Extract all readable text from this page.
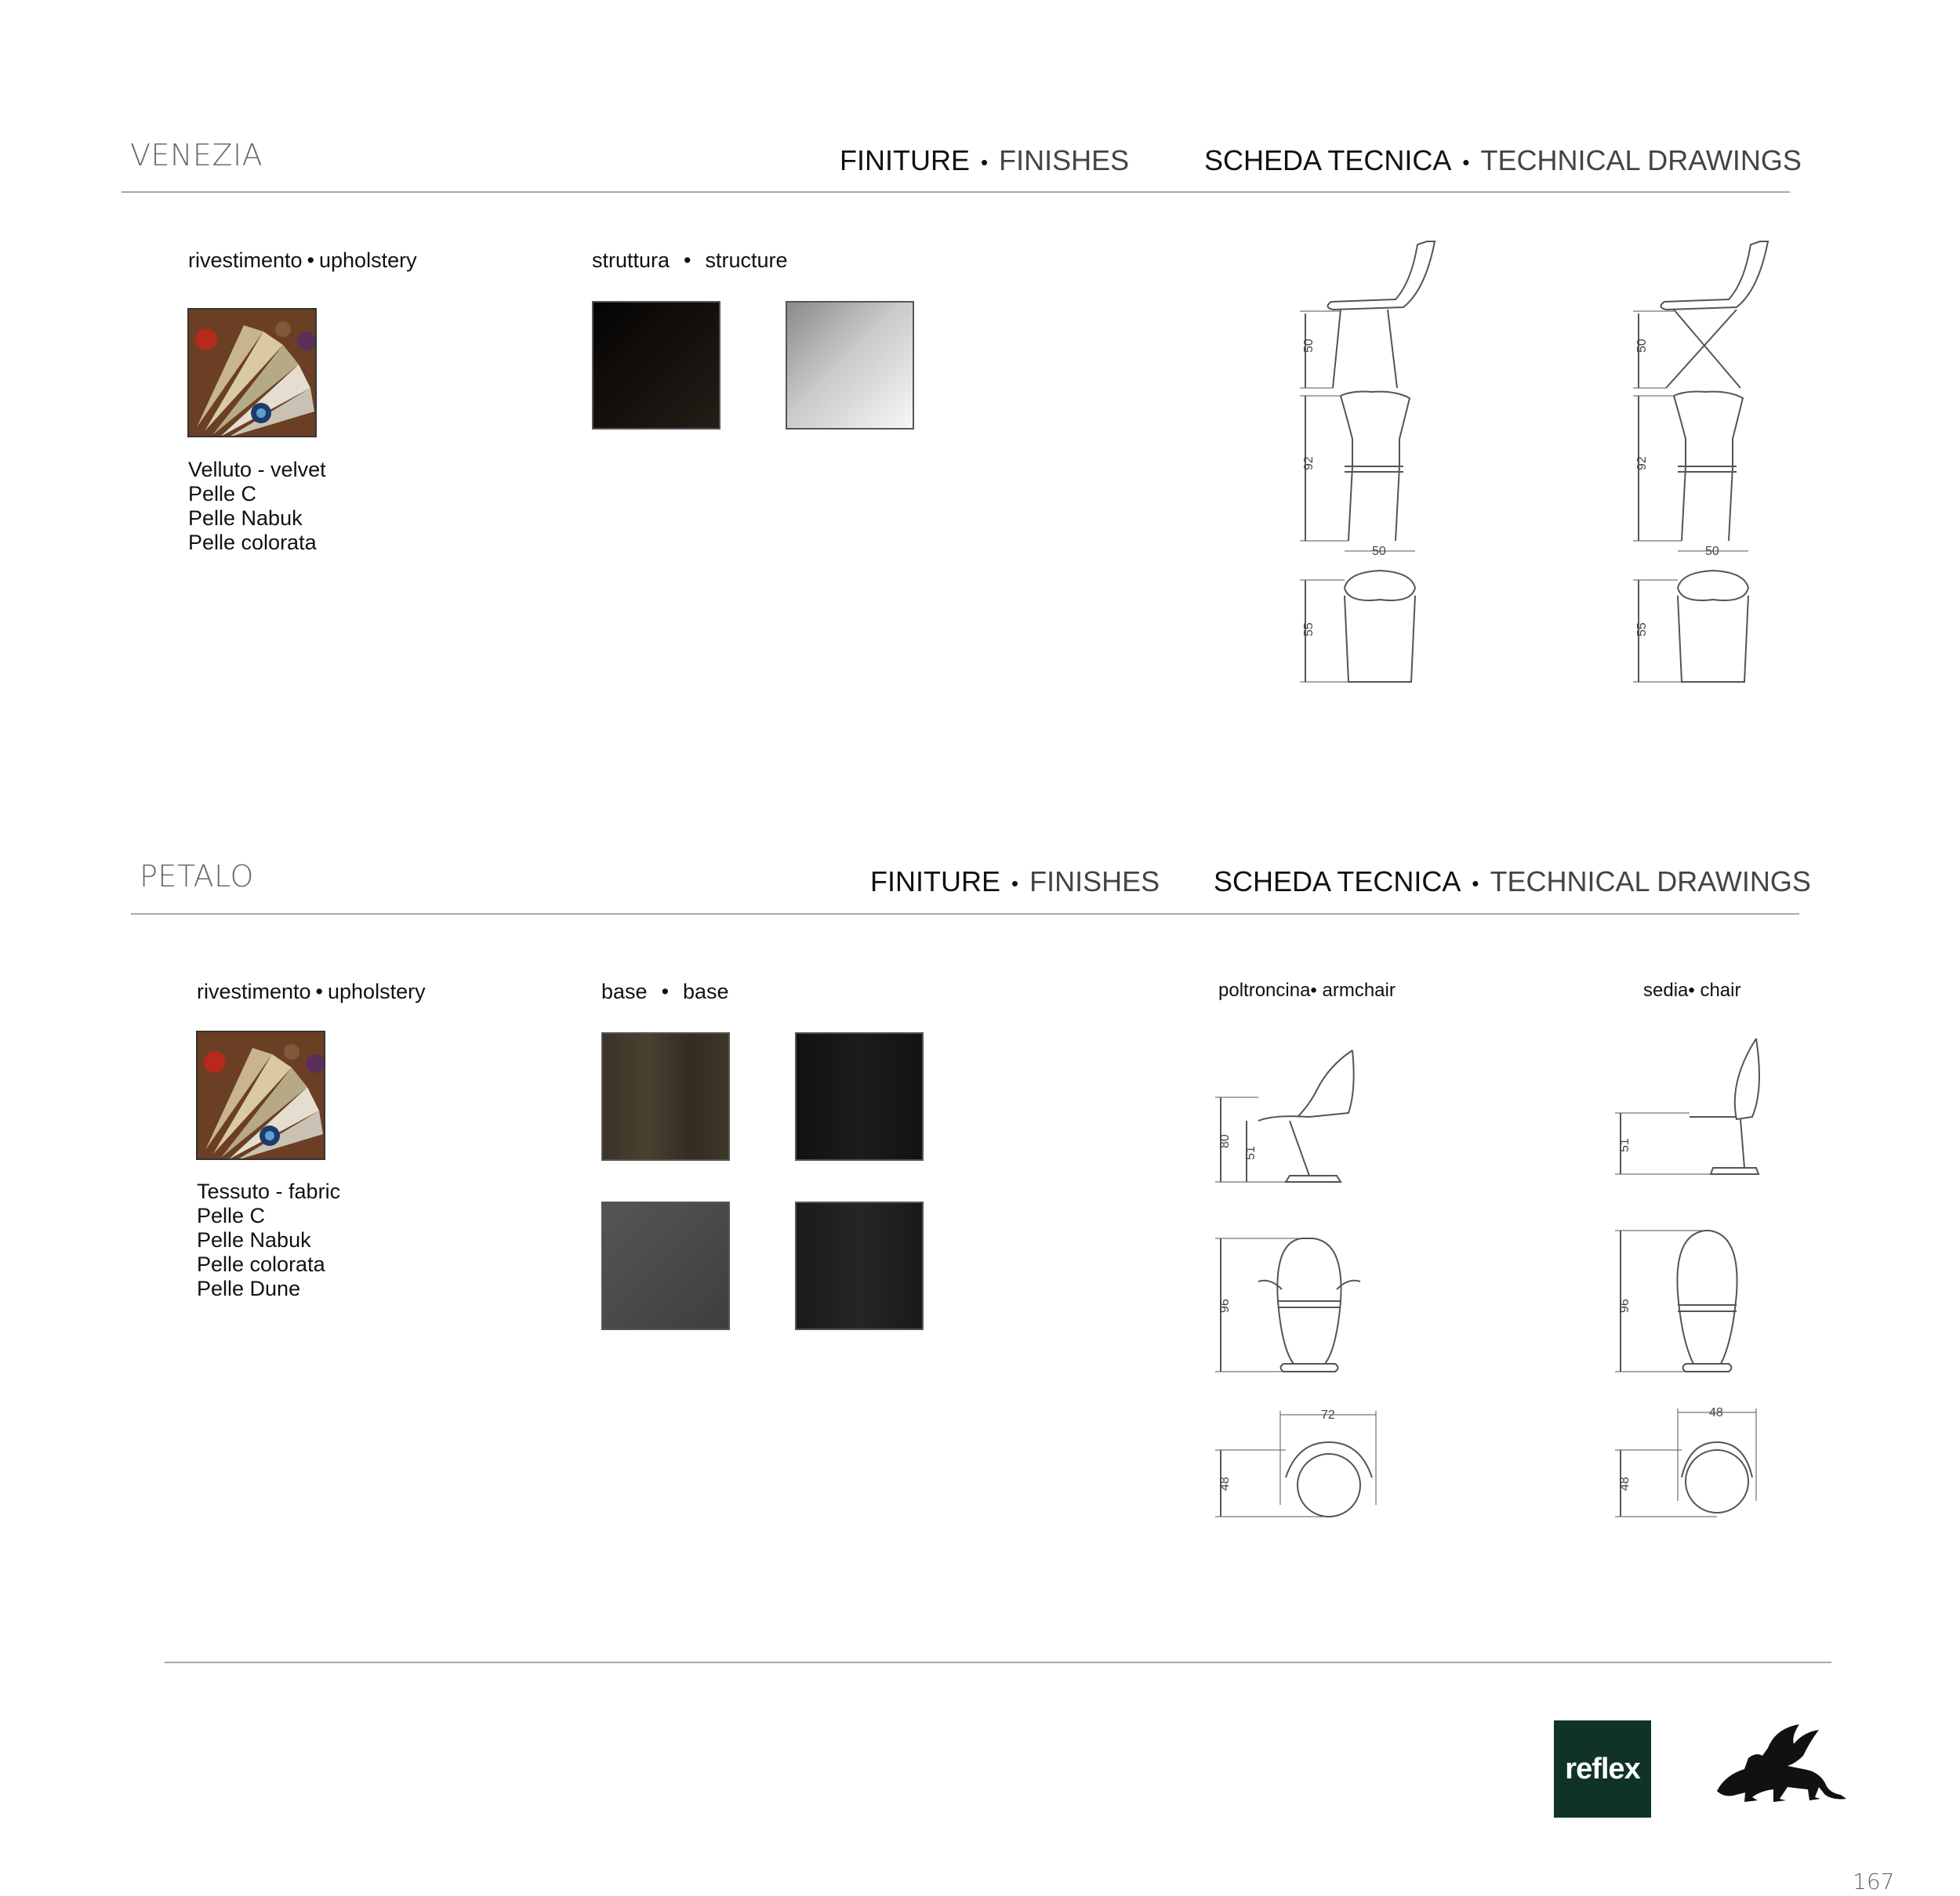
VENEZIA	FINITURE • FINISHES	SCHEDA TECNICA • TECHNICAL DRAWINGS
rivestimento • upholstery	struttura • structure
Velluto - velvet
Pelle C
Pelle Nabuk
Pelle colorata
50
92
50
55
50
92
50
55
PETALO	FINITURE • FINISHES SCHEDA TECNICA • TECHNICAL DRAWINGS
rivestimento • upholstery	base • base
Tessuto - fabric
Pelle C
Pelle Nabuk
Pelle colorata
Pelle Dune
poltroncina• armchair	sedia• chair
80
51
96
72
48
51
96
48
48
reflex
167
